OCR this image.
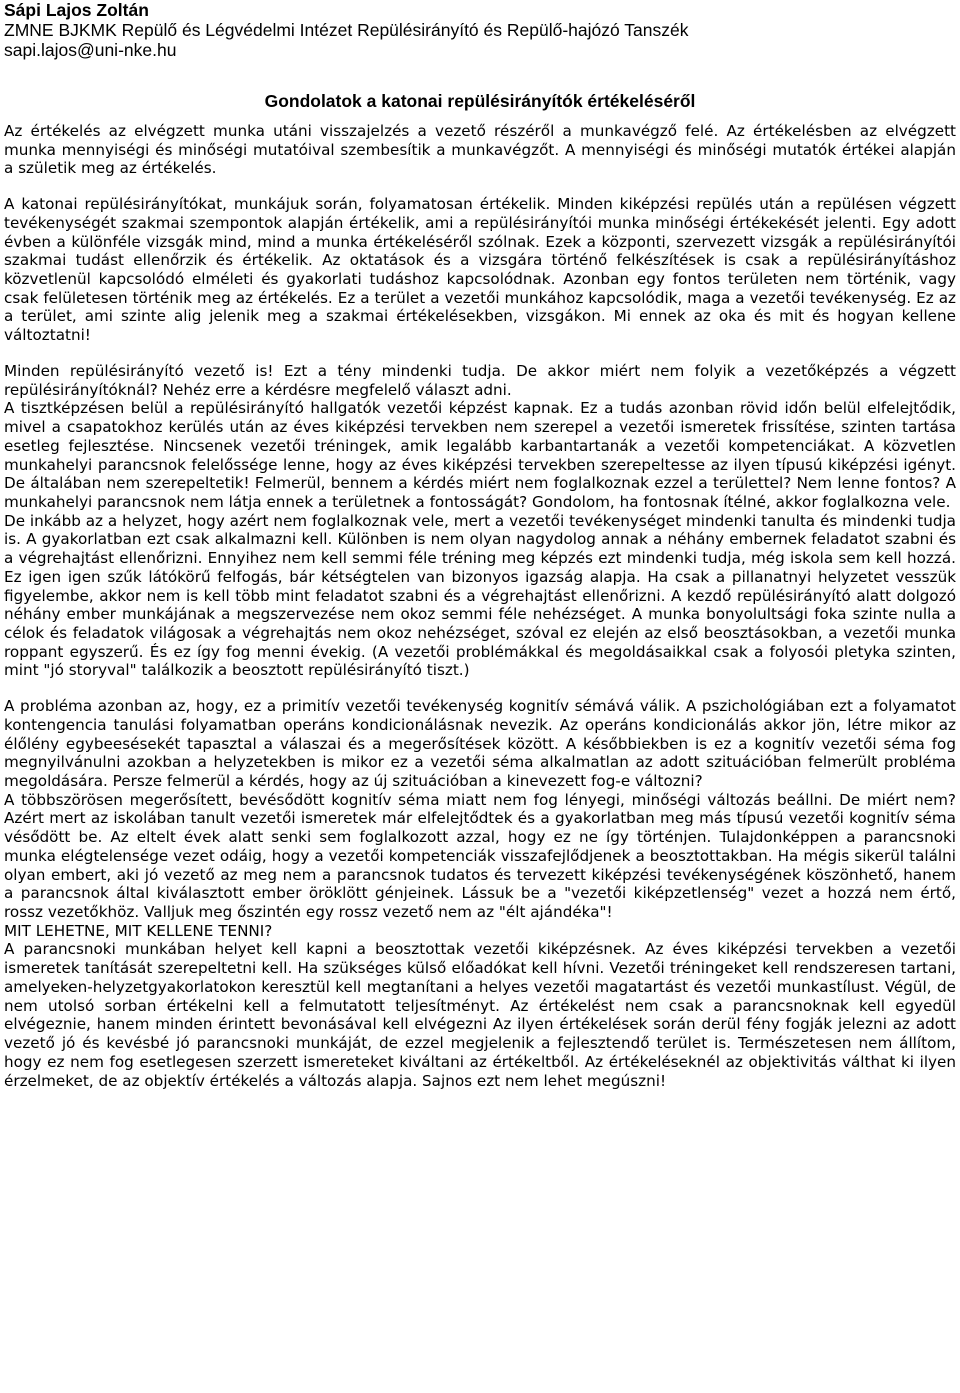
Sápi Lajos Zoltán

ZMNE BJKMK Repülő és Légvédelmi Intézet Repülésirányító és Repülő-hajózó Tanszék

sapi.lajos@uni-nke.hu

Gondolatok a katonai repülésirányítók értékeléséről

Az értékelés az elvégzett munka utáni visszajelzés a vezető részéről a munkavégző felé. Az értékelésben az elvégzett munka mennyiségi és minőségi mutatóival szembesítik a munkavégzőt. A mennyiségi és minőségi mutatók értékei alapján a születik meg az értékelés.

A katonai repülésirányítókat, munkájuk során, folyamatosan értékelik. Minden kiképzési repülés után a repülésen végzett tevékenységét szakmai szempontok alapján értékelik, ami a repülésirányítói munka minőségi értékekését jelenti. Egy adott évben a különféle vizsgák mind, mind a munka értékeléséről szólnak. Ezek a központi, szervezett vizsgák a repülésirányítói szakmai tudást ellenőrzik és értékelik. Az oktatások és a vizsgára történő felkészítések is csak a repülésirányításhoz közvetlenül kapcsolódó elméleti és gyakorlati tudáshoz kapcsolódnak. Azonban egy fontos területen nem történik, vagy csak felületesen történik meg az értékelés. Ez a terület a vezetői munkához kapcsolódik, maga a vezetői tevékenység. Ez az a terület, ami szinte alig jelenik meg a szakmai értékelésekben, vizsgákon. Mi ennek az oka és mit és hogyan kellene változtatni!

Minden repülésirányító vezető is! Ezt a tény mindenki tudja. De akkor miért nem folyik a vezetőképzés a végzett repülésirányítóknál? Nehéz erre a kérdésre megfelelő választ adni.

A tisztképzésen belül a repülésirányító hallgatók vezetői képzést kapnak. Ez a tudás azonban rövid időn belül elfelejtődik, mivel a csapatokhoz kerülés után az éves kiképzési tervekben nem szerepel a vezetői ismeretek frissítése, szinten tartása esetleg fejlesztése. Nincsenek vezetői tréningek, amik legalább karbantartanák a vezetői kompetenciákat. A közvetlen munkahelyi parancsnok felelőssége lenne, hogy az éves kiképzési tervekben szerepeltesse az ilyen típusú kiképzési igényt. De általában nem szerepeltetik! Felmerül, bennem a kérdés miért nem foglalkoznak ezzel a területtel? Nem lenne fontos? A munkahelyi parancsnok nem látja ennek a területnek a fontosságát? Gondolom, ha fontosnak ítélné, akkor foglalkozna vele.

De inkább az a helyzet, hogy azért nem foglalkoznak vele, mert a vezetői tevékenységet mindenki tanulta és mindenki tudja is. A gyakorlatban ezt csak alkalmazni kell. Különben is nem olyan nagydolog annak a néhány embernek feladatot szabni és a végrehajtást ellenőrizni. Ennyihez nem kell semmi féle tréning meg képzés ezt mindenki tudja, még iskola sem kell hozzá. Ez igen igen szűk látókörű felfogás, bár kétségtelen van bizonyos igazság alapja. Ha csak a pillanatnyi helyzetet vesszük figyelembe, akkor nem is kell több mint feladatot szabni és a végrehajtást ellenőrizni. A kezdő repülésirányító alatt dolgozó néhány ember munkájának a megszervezése nem okoz semmi féle nehézséget. A munka bonyolultsági foka szinte nulla a célok és feladatok világosak a végrehajtás nem okoz nehézséget, szóval ez elején az első beosztásokban, a vezetői munka roppant egyszerű. És ez így fog menni évekig. (A vezetői problémákkal és megoldásaikkal csak a folyosói pletyka szinten, mint "jó storyval" találkozik a beosztott repülésirányító tiszt.)

A probléma azonban az, hogy, ez a primitív vezetői tevékenység kognitív sémává válik. A pszichológiában ezt a folyamatot kontengencia tanulási folyamatban operáns kondicionálásnak nevezik. Az operáns kondicionálás akkor jön, létre mikor az élőlény egybeesésekét tapasztal a válaszai és a megerősítések között. A későbbiekben is ez a kognitív vezetői séma fog megnyilvánulni azokban a helyzetekben is mikor ez a vezetői séma alkalmatlan az adott szituációban felmerült probléma megoldására. Persze felmerül a kérdés, hogy az új szituációban a kinevezett fog-e változni?

A többszörösen megerősített, bevésődött kognitív séma miatt nem fog lényegi, minőségi változás beállni. De miért nem? Azért mert az iskolában tanult vezetői ismeretek már elfelejtődtek és a gyakorlatban meg más típusú vezetői kognitív séma vésődött be. Az eltelt évek alatt senki sem foglalkozott azzal, hogy ez ne így történjen. Tulajdonképpen a parancsnoki munka elégtelensége vezet odáig, hogy a vezetői kompetenciák visszafejlődjenek a beosztottakban. Ha mégis sikerül találni olyan embert, aki jó vezető az meg nem a parancsnok tudatos és tervezett kiképzési tevékenységének köszönhető, hanem a parancsnok által kiválasztott ember öröklött génjeinek. Lássuk be a "vezetői kiképzetlenség" vezet a hozzá nem értő, rossz vezetőkhöz. Valljuk meg őszintén egy rossz vezető nem az "élt ajándéka"!

MIT LEHETNE, MIT KELLENE TENNI?

A parancsnoki munkában helyet kell kapni a beosztottak vezetői kiképzésnek. Az éves kiképzési tervekben a vezetői ismeretek tanítását szerepeltetni kell. Ha szükséges külső előadókat kell hívni. Vezetői tréningeket kell rendszeresen tartani, amelyeken-helyzetgyakorlatokon keresztül kell megtanítani a helyes vezetői magatartást és vezetői munkastílust. Végül, de nem utolsó sorban értékelni kell a felmutatott teljesítményt. Az értékelést nem csak a parancsnoknak kell egyedül elvégeznie, hanem minden érintett bevonásával kell elvégezni Az ilyen értékelések során derül fény fogják jelezni az adott vezető jó és kevésbé jó parancsnoki munkáját, de ezzel megjelenik a fejlesztendő terület is. Természetesen nem állítom, hogy ez nem fog esetlegesen szerzett ismereteket kiváltani az értékeltből. Az értékeléseknél az objektivitás válthat ki ilyen érzelmeket, de az objektív értékelés a változás alapja. Sajnos ezt nem lehet megúszni!
